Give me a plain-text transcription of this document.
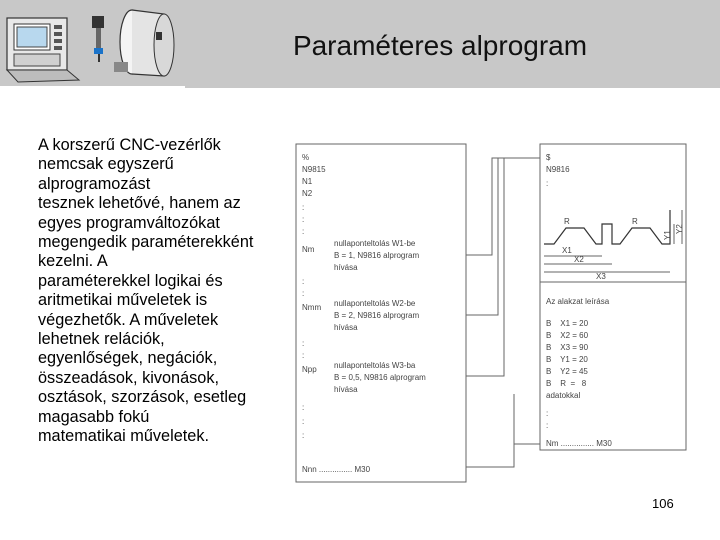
Paraméteres alprogram
A korszerű CNC-vezérlők
nemcsak egyszerű
alprogramozást
tesznek lehetővé, hanem az
egyes programváltozókat
megengedik paraméterekként
kezelni. A
paraméterekkel logikai és
aritmetikai műveletek is
végezhetők. A műveletek
lehetnek relációk,
egyenlőségek, negációk,
összeadások, kivonások,
osztások, szorzások, esetleg
magasabb fokú
matematikai műveletek.
%
N9815
N1
N2
:
:
:
Nm
nullaponteltolás W1-be
B = 1, N9816 alprogram
hívása
:
:
Nmm nullaponteltolás W2-be
B = 2, N9816 alprogram
hívása
:
:
Npp nullaponteltolás W3-ba
B = 0,5, N9816 alprogram
hívása
:
:
:
Nnn ............... M30
$
N9816
:
R	R
X1
X2
X3
Y1
Y2
Az alakzat leírása
B    X1 = 20
B    X2 = 60
B    X3 = 90
B    Y1 = 20
B    Y2 = 45
B    R  =   8
adatokkal
:
:
Nm ............... M30
106
